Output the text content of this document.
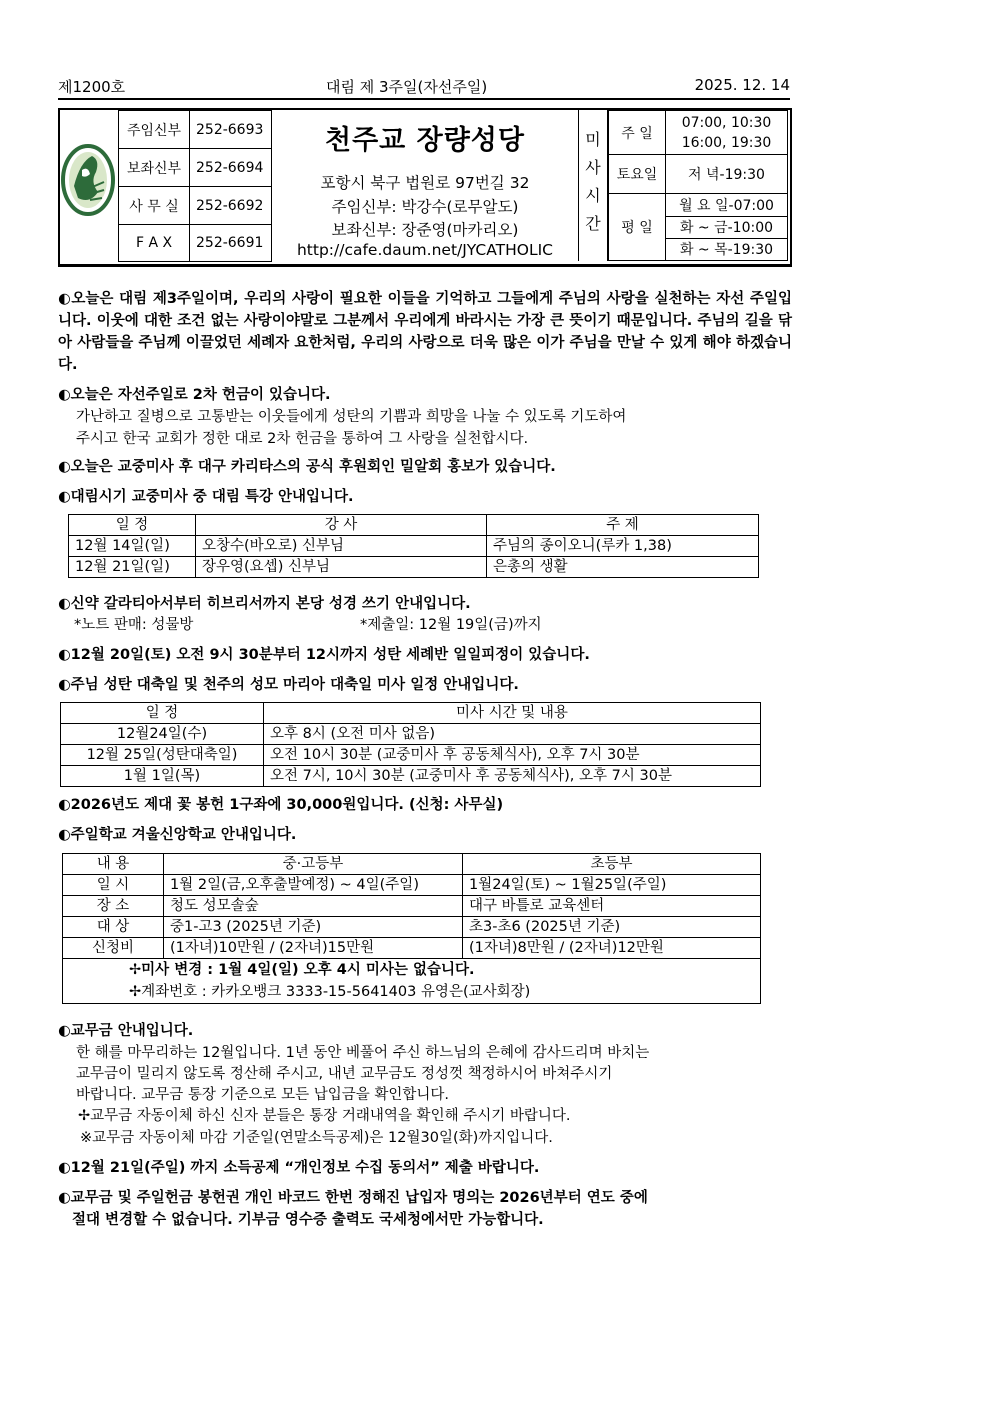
제1200호	대림 제 3주일(자선주일)	2025. 12. 14
주임신부	252-6693
보좌신부	252-6694
사 무 실	252-6692
F A X	252-6691
천주교 장량성당
포항시 북구 법원로 97번길 32
주임신부: 박강수(로무알도)
보좌신부: 장준영(마카리오)
http://cafe.daum.net/JYCATHOLIC
미
사
시
간
주 일	07:00, 10:30
16:00, 19:30

토요일	저 녁-19:30
평 일	월 요 일-07:00
	화 ~ 금-10:00
	화 ~ 목-19:30
◐오늘은 대림 제3주일이며, 우리의 사랑이 필요한 이들을 기억하고 그들에게 주님의 사랑을 실천하는 자선 주일입니다. 이웃에 대한 조건 없는 사랑이야말로 그분께서 우리에게 바라시는 가장 큰 뜻이기 때문입니다. 주님의 길을 닦아 사람들을 주님께 이끌었던 세례자 요한처럼, 우리의 사랑으로 더욱 많은 이가 주님을 만날 수 있게 해야 하겠습니다.
◐오늘은 자선주일로 2차 헌금이 있습니다.
가난하고 질병으로 고통받는 이웃들에게 성탄의 기쁨과 희망을 나눌 수 있도록 기도하여
주시고 한국 교회가 정한 대로 2차 헌금을 통하여 그 사랑을 실천합시다.
◐오늘은 교중미사 후 대구 카리타스의 공식 후원회인 밀알회 홍보가 있습니다.
◐대림시기 교중미사 중 대림 특강 안내입니다.
일 정	강 사	주 제
12월 14일(일)	오창수(바오로) 신부님	주님의 종이오니(루카 1,38)
12월 21일(일)	장우영(요셉) 신부님	은총의 생활
◐신약 갈라티아서부터 히브리서까지 본당 성경 쓰기 안내입니다.
*노트 판매: 성물방	*제출일: 12월 19일(금)까지
◐12월 20일(토) 오전 9시 30분부터 12시까지 성탄 세례반 일일피정이 있습니다.
◐주님 성탄 대축일 및 천주의 성모 마리아 대축일 미사 일정 안내입니다.
일 정	미사 시간 및 내용
12월24일(수)	오후 8시 (오전 미사 없음)
12월 25일(성탄대축일)	오전 10시 30분 (교중미사 후 공동체식사), 오후 7시 30분
1월 1일(목)	오전 7시, 10시 30분 (교중미사 후 공동체식사), 오후 7시 30분
◐2026년도 제대 꽃 봉헌 1구좌에 30,000원입니다. (신청: 사무실)
◐주일학교 겨울신앙학교 안내입니다.
내 용	중·고등부	초등부
일 시	1월 2일(금,오후출발예정) ~ 4일(주일)	1월24일(토) ~ 1월25일(주일)
장 소	청도 성모솔숲	대구 바틀로 교육센터
대 상	중1-고3 (2025년 기준)	초3-초6 (2025년 기준)
신청비	(1자녀)10만원 / (2자녀)15만원	(1자녀)8만원 / (2자녀)12만원

✢미사 변경 : 1월 4일(일) 오후 4시 미사는 없습니다.
✢계좌번호 : 카카오뱅크 3333-15-5641403 유영은(교사회장)		
◐교무금 안내입니다.
한 해를 마무리하는 12월입니다. 1년 동안 베풀어 주신 하느님의 은혜에 감사드리며 바치는
교무금이 밀리지 않도록 정산해 주시고, 내년 교무금도 정성껏 책정하시어 바쳐주시기
바랍니다. 교무금 통장 기준으로 모든 납입금을 확인합니다.
✢교무금 자동이체 하신 신자 분들은 통장 거래내역을 확인해 주시기 바랍니다.
※교무금 자동이체 마감 기준일(연말소득공제)은 12월30일(화)까지입니다.
◐12월 21일(주일) 까지 소득공제 “개인정보 수집 동의서” 제출 바랍니다.
◐교무금 및 주일헌금 봉헌권 개인 바코드 한번 정해진 납입자 명의는 2026년부터 연도 중에
절대 변경할 수 없습니다. 기부금 영수증 출력도 국세청에서만 가능합니다.
